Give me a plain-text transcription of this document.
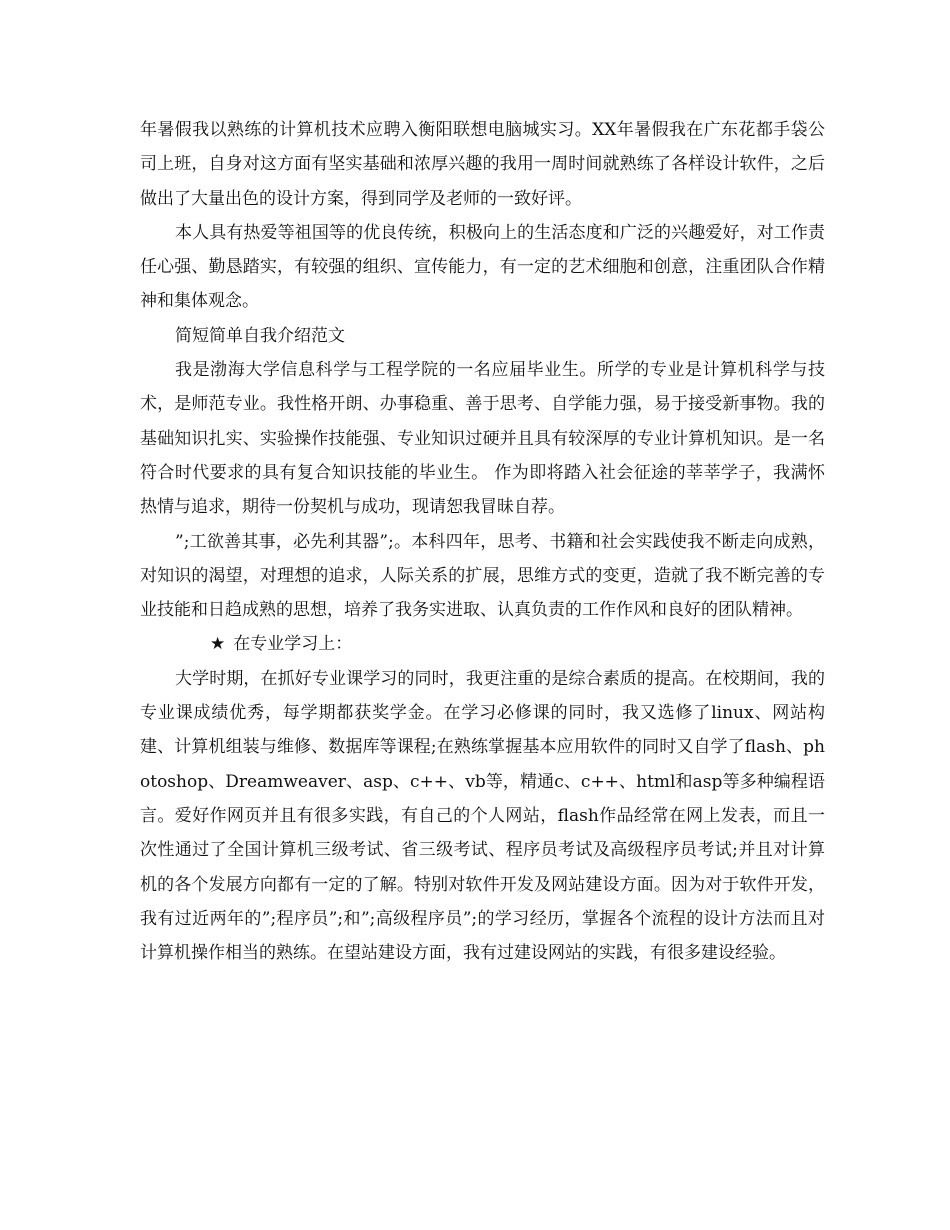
年暑假我以熟练的计算机技术应聘入衡阳联想电脑城实习。XX年暑假我在广东花都手袋公司上班，自身对这方面有坚实基础和浓厚兴趣的我用一周时间就熟练了各样设计软件，之后做出了大量出色的设计方案，得到同学及老师的一致好评。

本人具有热爱等祖国等的优良传统，积极向上的生活态度和广泛的兴趣爱好，对工作责任心强、勤恳踏实，有较强的组织、宣传能力，有一定的艺术细胞和创意，注重团队合作精神和集体观念。

简短简单自我介绍范文

我是渤海大学信息科学与工程学院的一名应届毕业生。所学的专业是计算机科学与技术，是师范专业。我性格开朗、办事稳重、善于思考、自学能力强，易于接受新事物。我的基础知识扎实、实验操作技能强、专业知识过硬并且具有较深厚的专业计算机知识。是一名符合时代要求的具有复合知识技能的毕业生。 作为即将踏入社会征途的莘莘学子，我满怀热情与追求，期待一份契机与成功，现请恕我冒昧自荐。

”;工欲善其事，必先利其器”;。本科四年，思考、书籍和社会实践使我不断走向成熟，对知识的渴望，对理想的追求，人际关系的扩展，思维方式的变更，造就了我不断完善的专业技能和日趋成熟的思想，培养了我务实进取、认真负责的工作作风和良好的团队精神。

★ 在专业学习上：

大学时期，在抓好专业课学习的同时，我更注重的是综合素质的提高。在校期间，我的专业课成绩优秀，每学期都获奖学金。在学习必修课的同时，我又选修了linux、网站构建、计算机组装与维修、数据库等课程;在熟练掌握基本应用软件的同时又自学了flash、photoshop、Dreamweaver、asp、c++、vb等，精通c、c++、html和asp等多种编程语言。爱好作网页并且有很多实践，有自己的个人网站，flash作品经常在网上发表，而且一次性通过了全国计算机三级考试、省三级考试、程序员考试及高级程序员考试;并且对计算机的各个发展方向都有一定的了解。特别对软件开发及网站建设方面。因为对于软件开发，我有过近两年的”;程序员”;和”;高级程序员”;的学习经历，掌握各个流程的设计方法而且对计算机操作相当的熟练。在望站建设方面，我有过建设网站的实践，有很多建设经验。
